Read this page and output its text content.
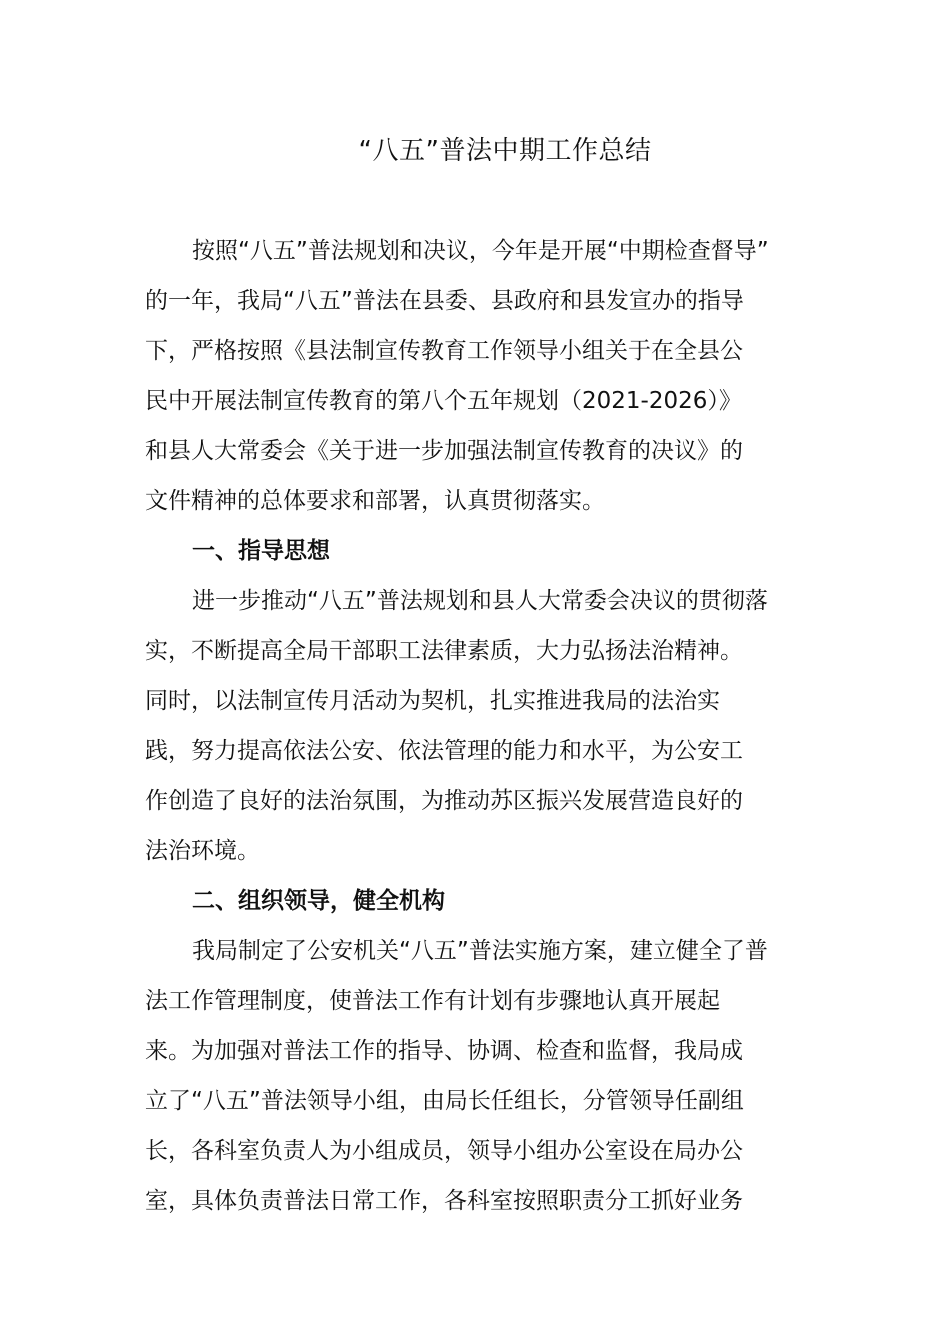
“八五”普法中期工作总结
按照“八五”普法规划和决议，今年是开展“中期检查督导”
的一年，我局“八五”普法在县委、县政府和县发宣办的指导
下，严格按照《县法制宣传教育工作领导小组关于在全县公
民中开展法制宣传教育的第八个五年规划（2021-2026）》
和县人大常委会《关于进一步加强法制宣传教育的决议》的
文件精神的总体要求和部署，认真贯彻落实。
一、指导思想
进一步推动“八五”普法规划和县人大常委会决议的贯彻落
实，不断提高全局干部职工法律素质，大力弘扬法治精神。
同时，以法制宣传月活动为契机，扎实推进我局的法治实
践，努力提高依法公安、依法管理的能力和水平，为公安工
作创造了良好的法治氛围，为推动苏区振兴发展营造良好的
法治环境。
二、组织领导，健全机构
我局制定了公安机关“八五”普法实施方案，建立健全了普
法工作管理制度，使普法工作有计划有步骤地认真开展起
来。为加强对普法工作的指导、协调、检查和监督，我局成
立了“八五”普法领导小组，由局长任组长，分管领导任副组
长，各科室负责人为小组成员，领导小组办公室设在局办公
室，具体负责普法日常工作，各科室按照职责分工抓好业务
